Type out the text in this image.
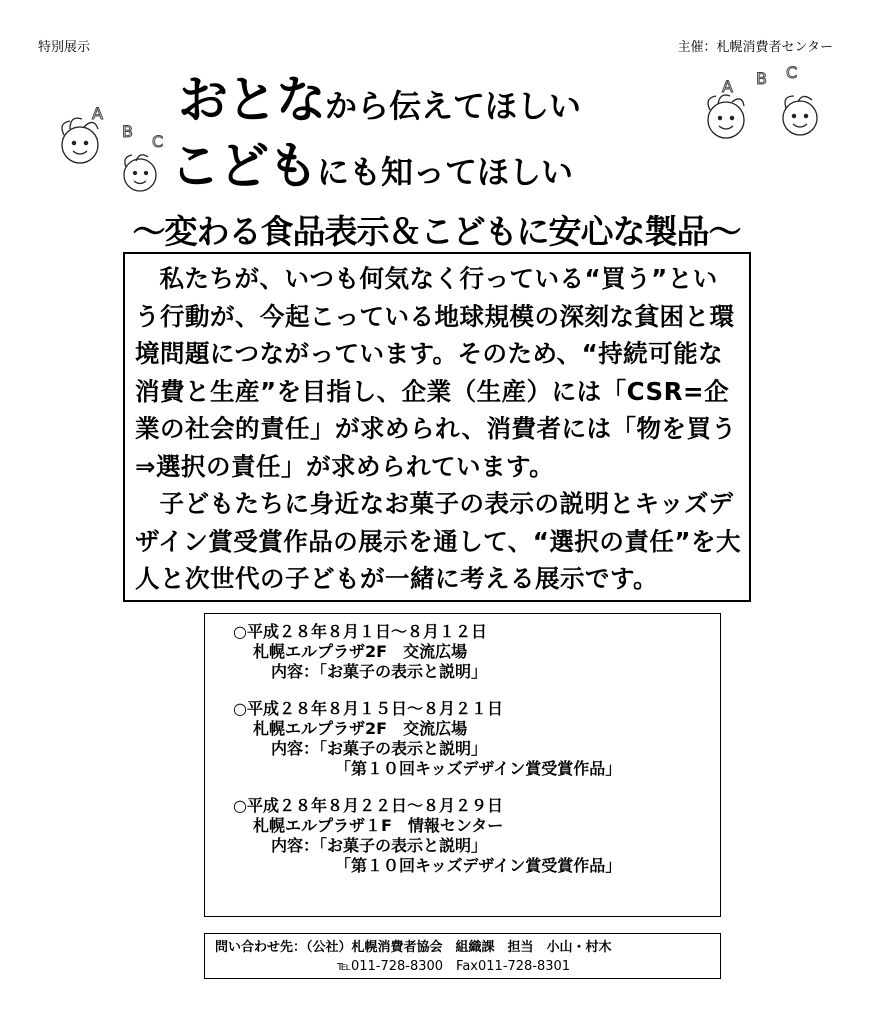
特別展示	主催：札幌消費者センター
A
B
C
A B C
おとなから伝えてほしい
こどもにも知ってほしい
～変わる食品表示＆こどもに安心な製品～

私たちが、いつも何気なく行っている“買う”という行動が、今起こっている地球規模の深刻な貧困と環境問題につながっています。そのため、“持続可能な消費と生産”を目指し、企業（生産）には「CSR=企業の社会的責任」が求められ、消費者には「物を買う⇒選択の責任」が求められています。

子どもたちに身近なお菓子の表示の説明とキッズデザイン賞受賞作品の展示を通して、“選択の責任”を大人と次世代の子どもが一緒に考える展示です。

○平成２８年８月１日～８月１２日
札幌エルプラザ2F　交流広場
内容：「お菓子の表示と説明」
○平成２８年８月１５日～８月２１日
札幌エルプラザ2F　交流広場
内容：「お菓子の表示と説明」
「第１０回キッズデザイン賞受賞作品」
○平成２８年８月２２日～８月２９日
札幌エルプラザ１F　情報センター
内容：「お菓子の表示と説明」
「第１０回キッズデザイン賞受賞作品」
問い合わせ先：（公社）札幌消費者協会　組織課　担当　小山・村木
℡011-728-8300　Fax011-728-8301
